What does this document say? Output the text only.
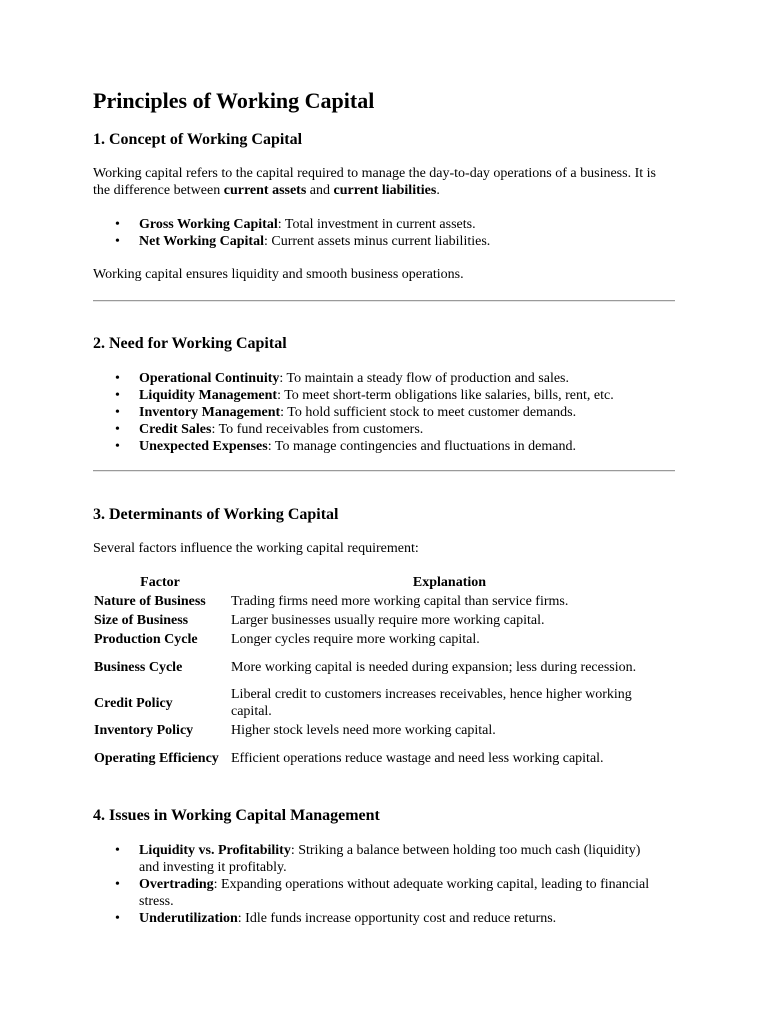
Principles of Working Capital
1. Concept of Working Capital

Working capital refers to the capital required to manage the day-to-day operations of a business. It is the difference between current assets and current liabilities.

• Gross Working Capital: Total investment in current assets.
• Net Working Capital: Current assets minus current liabilities.

Working capital ensures liquidity and smooth business operations.

2. Need for Working Capital
• Operational Continuity: To maintain a steady flow of production and sales.
• Liquidity Management: To meet short-term obligations like salaries, bills, rent, etc.
• Inventory Management: To hold sufficient stock to meet customer demands.
• Credit Sales: To fund receivables from customers.
• Unexpected Expenses: To manage contingencies and fluctuations in demand.
3. Determinants of Working Capital

Several factors influence the working capital requirement:

Factor	Explanation
Nature of Business	Trading firms need more working capital than service firms.
Size of Business	Larger businesses usually require more working capital.
Production Cycle	Longer cycles require more working capital.
Business Cycle	More working capital is needed during expansion; less during recession.
Credit Policy	Liberal credit to customers increases receivables, hence higher working capital.
Inventory Policy	Higher stock levels need more working capital.
Operating Efficiency	Efficient operations reduce wastage and need less working capital.
4. Issues in Working Capital Management
• Liquidity vs. Profitability: Striking a balance between holding too much cash (liquidity) and investing it profitably.
• Overtrading: Expanding operations without adequate working capital, leading to financial stress.
• Underutilization: Idle funds increase opportunity cost and reduce returns.
